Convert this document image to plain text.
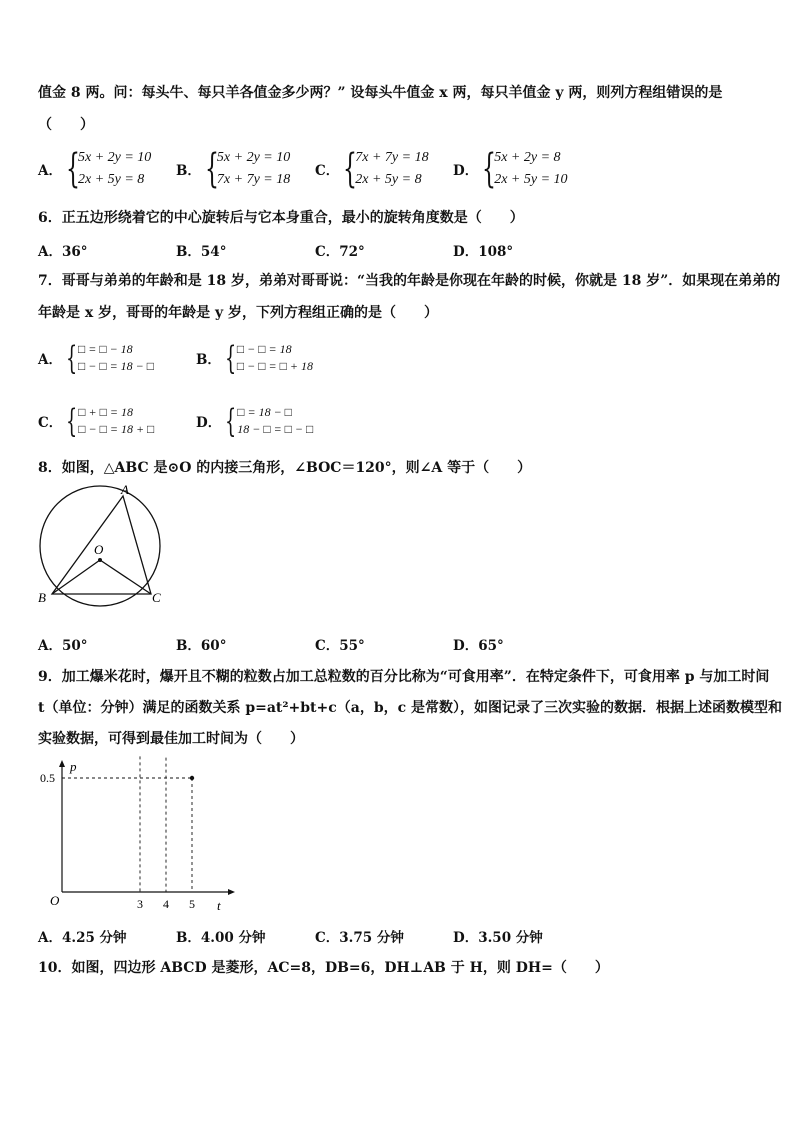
值金 8 两。问：每头牛、每只羊各值金多少两？” 设每头牛值金 x 两，每只羊值金 y 两，则列方程组错误的是
（　　）
A． {
5x + 2y = 10
2x + 5y = 8
B． {
5x + 2y = 10
7x + 7y = 18
C． {
7x + 7y = 18
2x + 5y = 8
D． {
5x + 2y = 8
2x + 5y = 10
6．正五边形绕着它的中心旋转后与它本身重合，最小的旋转角度数是（　　）
A．36°	B．54°	C．72°	D．108°
7．哥哥与弟弟的年龄和是 18 岁，弟弟对哥哥说：“当我的年龄是你现在年龄的时候，你就是 18 岁”．如果现在弟弟的
年龄是 x 岁，哥哥的年龄是 y 岁，下列方程组正确的是（　　）
A． { □ = □ − 18
□ − □ = 18 − □	B． { □ − □ = 18
□ − □ = □ + 18
C． { □ + □ = 18
□ − □ = 18 + □	D． { □ = 18 − □
18 − □ = □ − □
8．如图，△ABC 是⊙O 的内接三角形，∠BOC＝120°，则∠A 等于（　　）
A
O
B	C
A．50°	B．60°	C．55°	D．65°
9．加工爆米花时，爆开且不糊的粒数占加工总粒数的百分比称为“可食用率”．在特定条件下，可食用率 p 与加工时间
t（单位：分钟）满足的函数关系 p=at²+bt+c（a，b，c 是常数），如图记录了三次实验的数据．根据上述函数模型和
实验数据，可得到最佳加工时间为（　　）
p
t
O	3 4
0.5
5
A．4.25 分钟	B．4.00 分钟	C．3.75 分钟	D．3.50 分钟
10．如图，四边形 ABCD 是菱形，AC=8，DB=6，DH⊥AB 于 H，则 DH=（　　）
